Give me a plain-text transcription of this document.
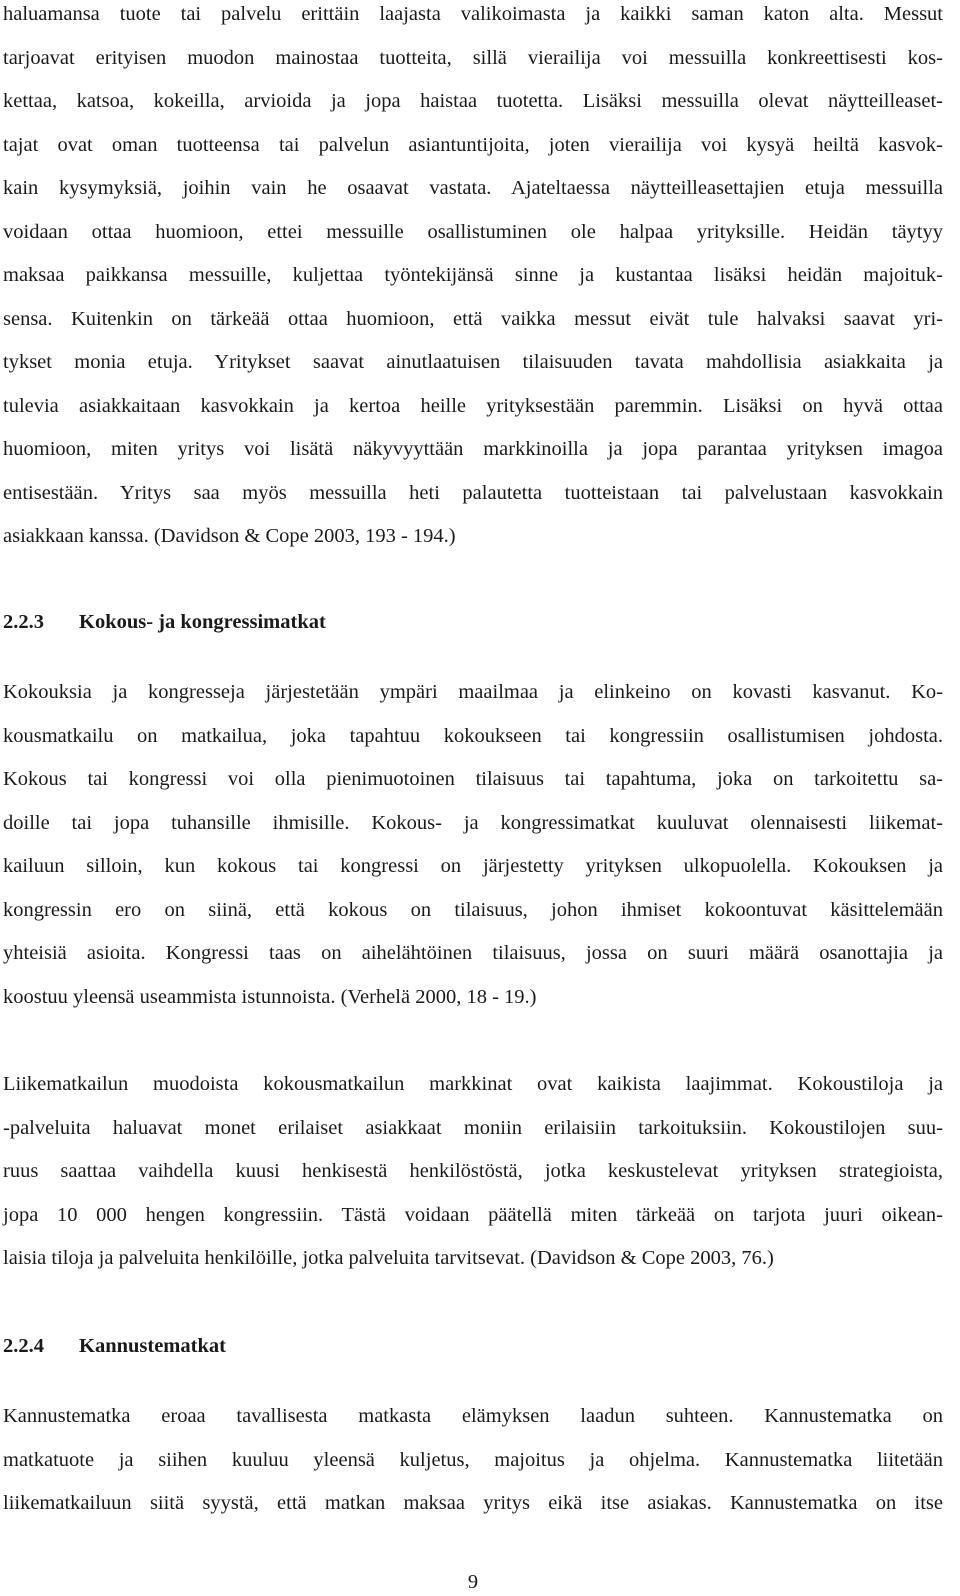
haluamansa tuote tai palvelu erittäin laajasta valikoimasta ja kaikki saman katon alta. Messut
tarjoavat erityisen muodon mainostaa tuotteita, sillä vierailija voi messuilla konkreettisesti kos-
kettaa, katsoa, kokeilla, arvioida ja jopa haistaa tuotetta. Lisäksi messuilla olevat näytteilleaset-
tajat ovat oman tuotteensa tai palvelun asiantuntijoita, joten vierailija voi kysyä heiltä kasvok-
kain kysymyksiä, joihin vain he osaavat vastata. Ajateltaessa näytteilleasettajien etuja messuilla
voidaan ottaa huomioon, ettei messuille osallistuminen ole halpaa yrityksille. Heidän täytyy
maksaa paikkansa messuille, kuljettaa työntekijänsä sinne ja kustantaa lisäksi heidän majoituk-
sensa. Kuitenkin on tärkeää ottaa huomioon, että vaikka messut eivät tule halvaksi saavat yri-
tykset monia etuja. Yritykset saavat ainutlaatuisen tilaisuuden tavata mahdollisia asiakkaita ja
tulevia asiakkaitaan kasvokkain ja kertoa heille yrityksestään paremmin. Lisäksi on hyvä ottaa
huomioon, miten yritys voi lisätä näkyvyyttään markkinoilla ja jopa parantaa yrityksen imagoa
entisestään. Yritys saa myös messuilla heti palautetta tuotteistaan tai palvelustaan kasvokkain
asiakkaan kanssa. (Davidson & Cope 2003, 193 - 194.)
2.2.3 Kokous- ja kongressimatkat
Kokouksia ja kongresseja järjestetään ympäri maailmaa ja elinkeino on kovasti kasvanut. Ko-
kousmatkailu on matkailua, joka tapahtuu kokoukseen tai kongressiin osallistumisen johdosta.
Kokous tai kongressi voi olla pienimuotoinen tilaisuus tai tapahtuma, joka on tarkoitettu sa-
doille tai jopa tuhansille ihmisille. Kokous- ja kongressimatkat kuuluvat olennaisesti liikemat-
kailuun silloin, kun kokous tai kongressi on järjestetty yrityksen ulkopuolella. Kokouksen ja
kongressin ero on siinä, että kokous on tilaisuus, johon ihmiset kokoontuvat käsittelemään
yhteisiä asioita. Kongressi taas on aihelähtöinen tilaisuus, jossa on suuri määrä osanottajia ja
koostuu yleensä useammista istunnoista. (Verhelä 2000, 18 - 19.)
Liikematkailun muodoista kokousmatkailun markkinat ovat kaikista laajimmat. Kokoustiloja ja
-palveluita haluavat monet erilaiset asiakkaat moniin erilaisiin tarkoituksiin. Kokoustilojen suu-
ruus saattaa vaihdella kuusi henkisestä henkilöstöstä, jotka keskustelevat yrityksen strategioista,
jopa 10 000 hengen kongressiin. Tästä voidaan päätellä miten tärkeää on tarjota juuri oikean-
laisia tiloja ja palveluita henkilöille, jotka palveluita tarvitsevat. (Davidson & Cope 2003, 76.)
2.2.4 Kannustematkat
Kannustematka eroaa tavallisesta matkasta elämyksen laadun suhteen. Kannustematka on
matkatuote ja siihen kuuluu yleensä kuljetus, majoitus ja ohjelma. Kannustematka liitetään
liikematkailuun siitä syystä, että matkan maksaa yritys eikä itse asiakas. Kannustematka on itse
9
